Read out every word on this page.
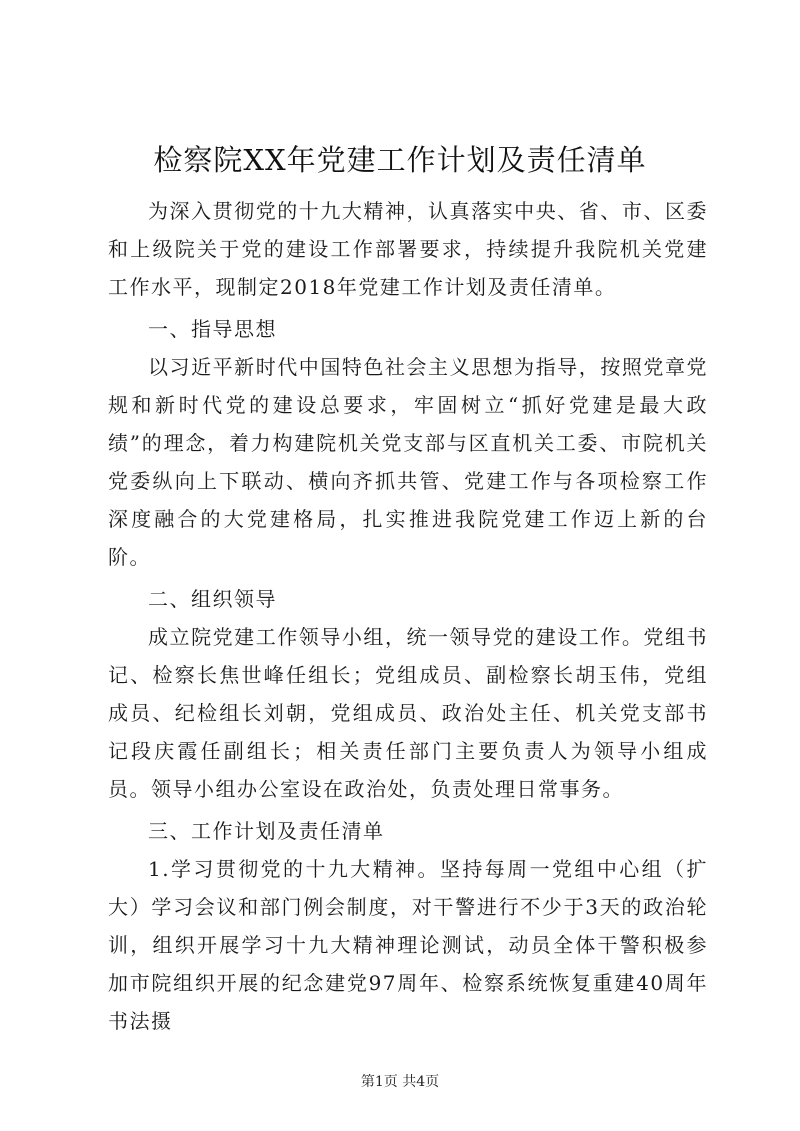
检察院XX年党建工作计划及责任清单

为深入贯彻党的十九大精神，认真落实中央、省、市、区委和上级院关于党的建设工作部署要求，持续提升我院机关党建工作水平，现制定2018年党建工作计划及责任清单。

一、指导思想

以习近平新时代中国特色社会主义思想为指导，按照党章党规和新时代党的建设总要求，牢固树立“抓好党建是最大政绩”的理念，着力构建院机关党支部与区直机关工委、市院机关党委纵向上下联动、横向齐抓共管、党建工作与各项检察工作深度融合的大党建格局，扎实推进我院党建工作迈上新的台阶。

二、组织领导

成立院党建工作领导小组，统一领导党的建设工作。党组书记、检察长焦世峰任组长；党组成员、副检察长胡玉伟，党组成员、纪检组长刘朝，党组成员、政治处主任、机关党支部书记段庆霞任副组长；相关责任部门主要负责人为领导小组成员。领导小组办公室设在政治处，负责处理日常事务。

三、工作计划及责任清单

1.学习贯彻党的十九大精神。坚持每周一党组中心组（扩大）学习会议和部门例会制度，对干警进行不少于3天的政治轮训，组织开展学习十九大精神理论测试，动员全体干警积极参加市院组织开展的纪念建党97周年、检察系统恢复重建40周年书法摄

第1页 共4页
